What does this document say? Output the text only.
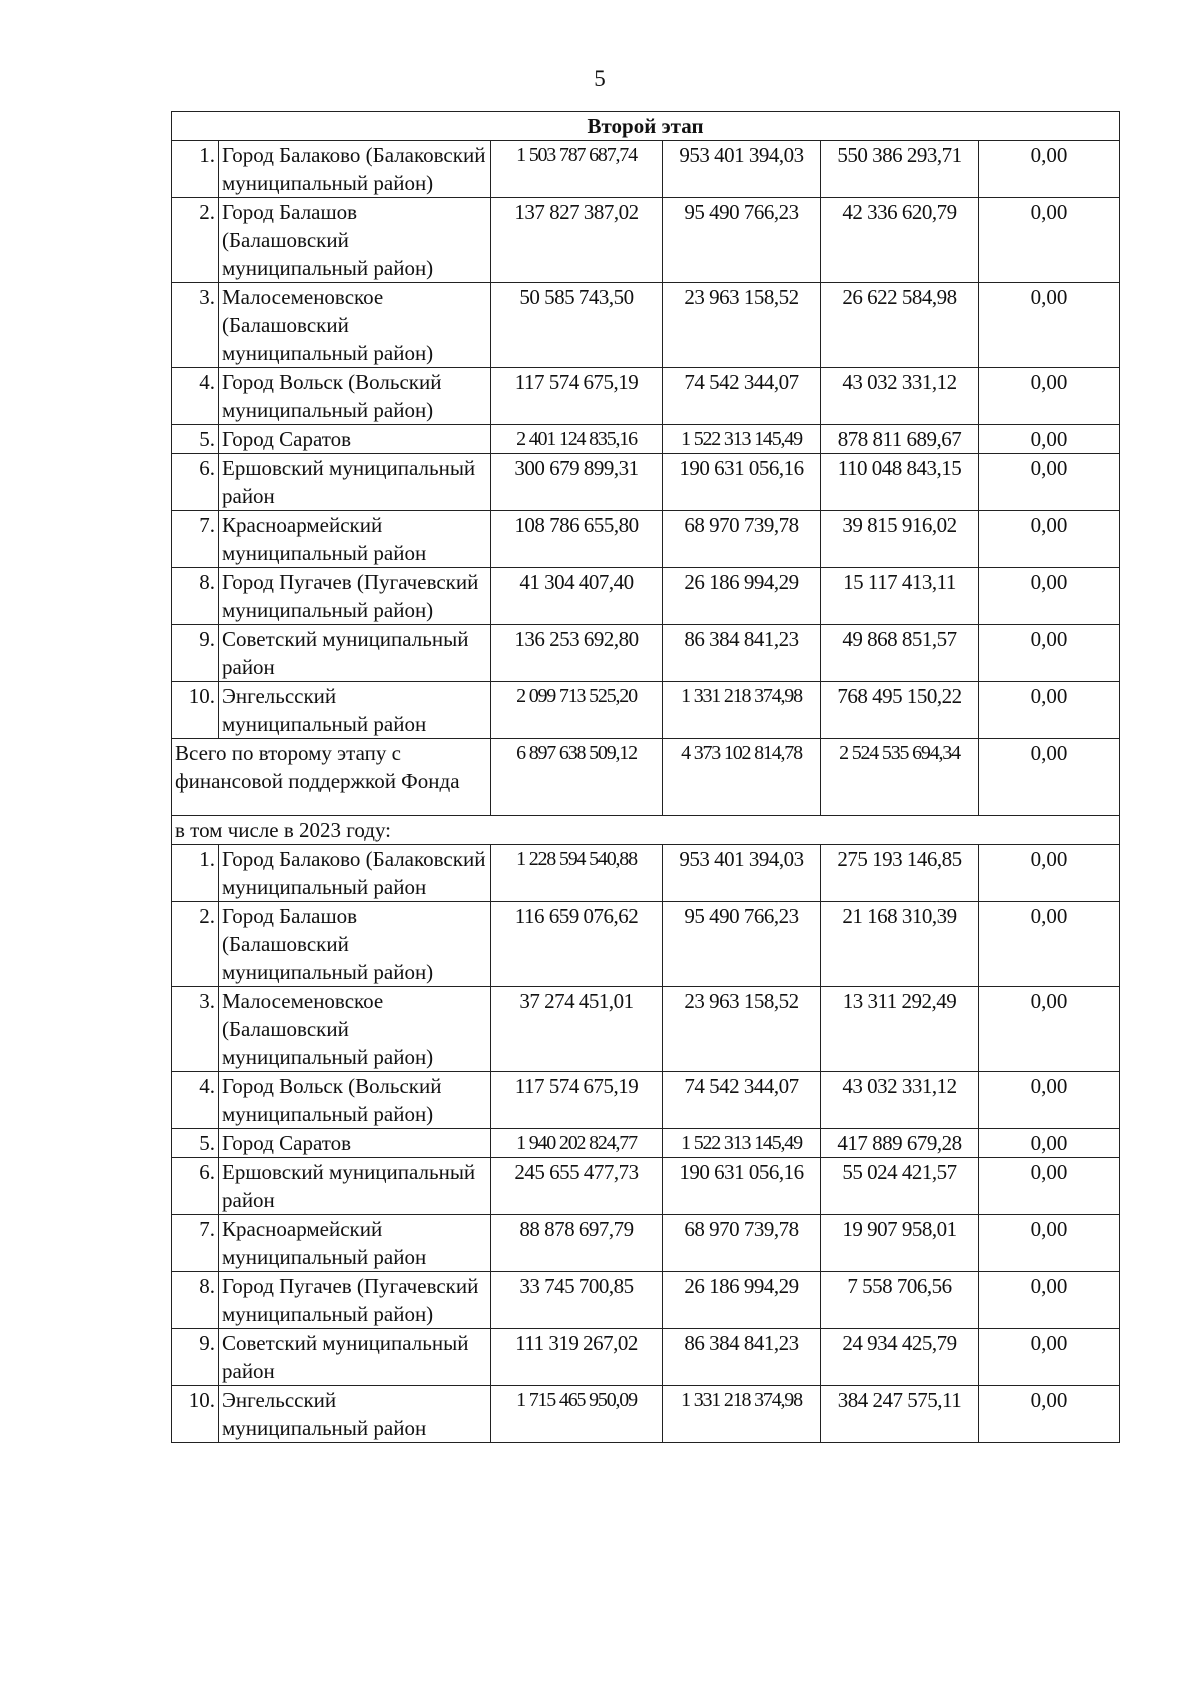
5
Второй этап					
1.	Город Балаково (Балаковский муниципальный район)	1 503 787 687,74	953 401 394,03	550 386 293,71	0,00
2.	Город Балашов (Балашовский муниципальный район)	137 827 387,02	95 490 766,23	42 336 620,79	0,00
3.	Малосеменовское (Балашовский муниципальный район)	50 585 743,50	23 963 158,52	26 622 584,98	0,00
4.	Город Вольск (Вольский муниципальный район)	117 574 675,19	74 542 344,07	43 032 331,12	0,00
5.	Город Саратов	2 401 124 835,16	1 522 313 145,49	878 811 689,67	0,00
6.	Ершовский муниципальный район	300 679 899,31	190 631 056,16	110 048 843,15	0,00
7.	Красноармейский муниципальный район	108 786 655,80	68 970 739,78	39 815 916,02	0,00
8.	Город Пугачев (Пугачевский муниципальный район)	41 304 407,40	26 186 994,29	15 117 413,11	0,00
9.	Советский муниципальный район	136 253 692,80	86 384 841,23	49 868 851,57	0,00
10.	Энгельсский муниципальный район	2 099 713 525,20	1 331 218 374,98	768 495 150,22	0,00
Всего по второму этапу с финансовой поддержкой Фонда		6 897 638 509,12	4 373 102 814,78	2 524 535 694,34	0,00
в том числе в 2023 году:					
1.	Город Балаково (Балаковский муниципальный район	1 228 594 540,88	953 401 394,03	275 193 146,85	0,00
2.	Город Балашов (Балашовский муниципальный район)	116 659 076,62	95 490 766,23	21 168 310,39	0,00
3.	Малосеменовское (Балашовский муниципальный район)	37 274 451,01	23 963 158,52	13 311 292,49	0,00
4.	Город Вольск (Вольский муниципальный район)	117 574 675,19	74 542 344,07	43 032 331,12	0,00
5.	Город Саратов	1 940 202 824,77	1 522 313 145,49	417 889 679,28	0,00
6.	Ершовский муниципальный район	245 655 477,73	190 631 056,16	55 024 421,57	0,00
7.	Красноармейский муниципальный район	88 878 697,79	68 970 739,78	19 907 958,01	0,00
8.	Город Пугачев (Пугачевский муниципальный район)	33 745 700,85	26 186 994,29	7 558 706,56	0,00
9.	Советский муниципальный район	111 319 267,02	86 384 841,23	24 934 425,79	0,00
10.	Энгельсский муниципальный район	1 715 465 950,09	1 331 218 374,98	384 247 575,11	0,00
